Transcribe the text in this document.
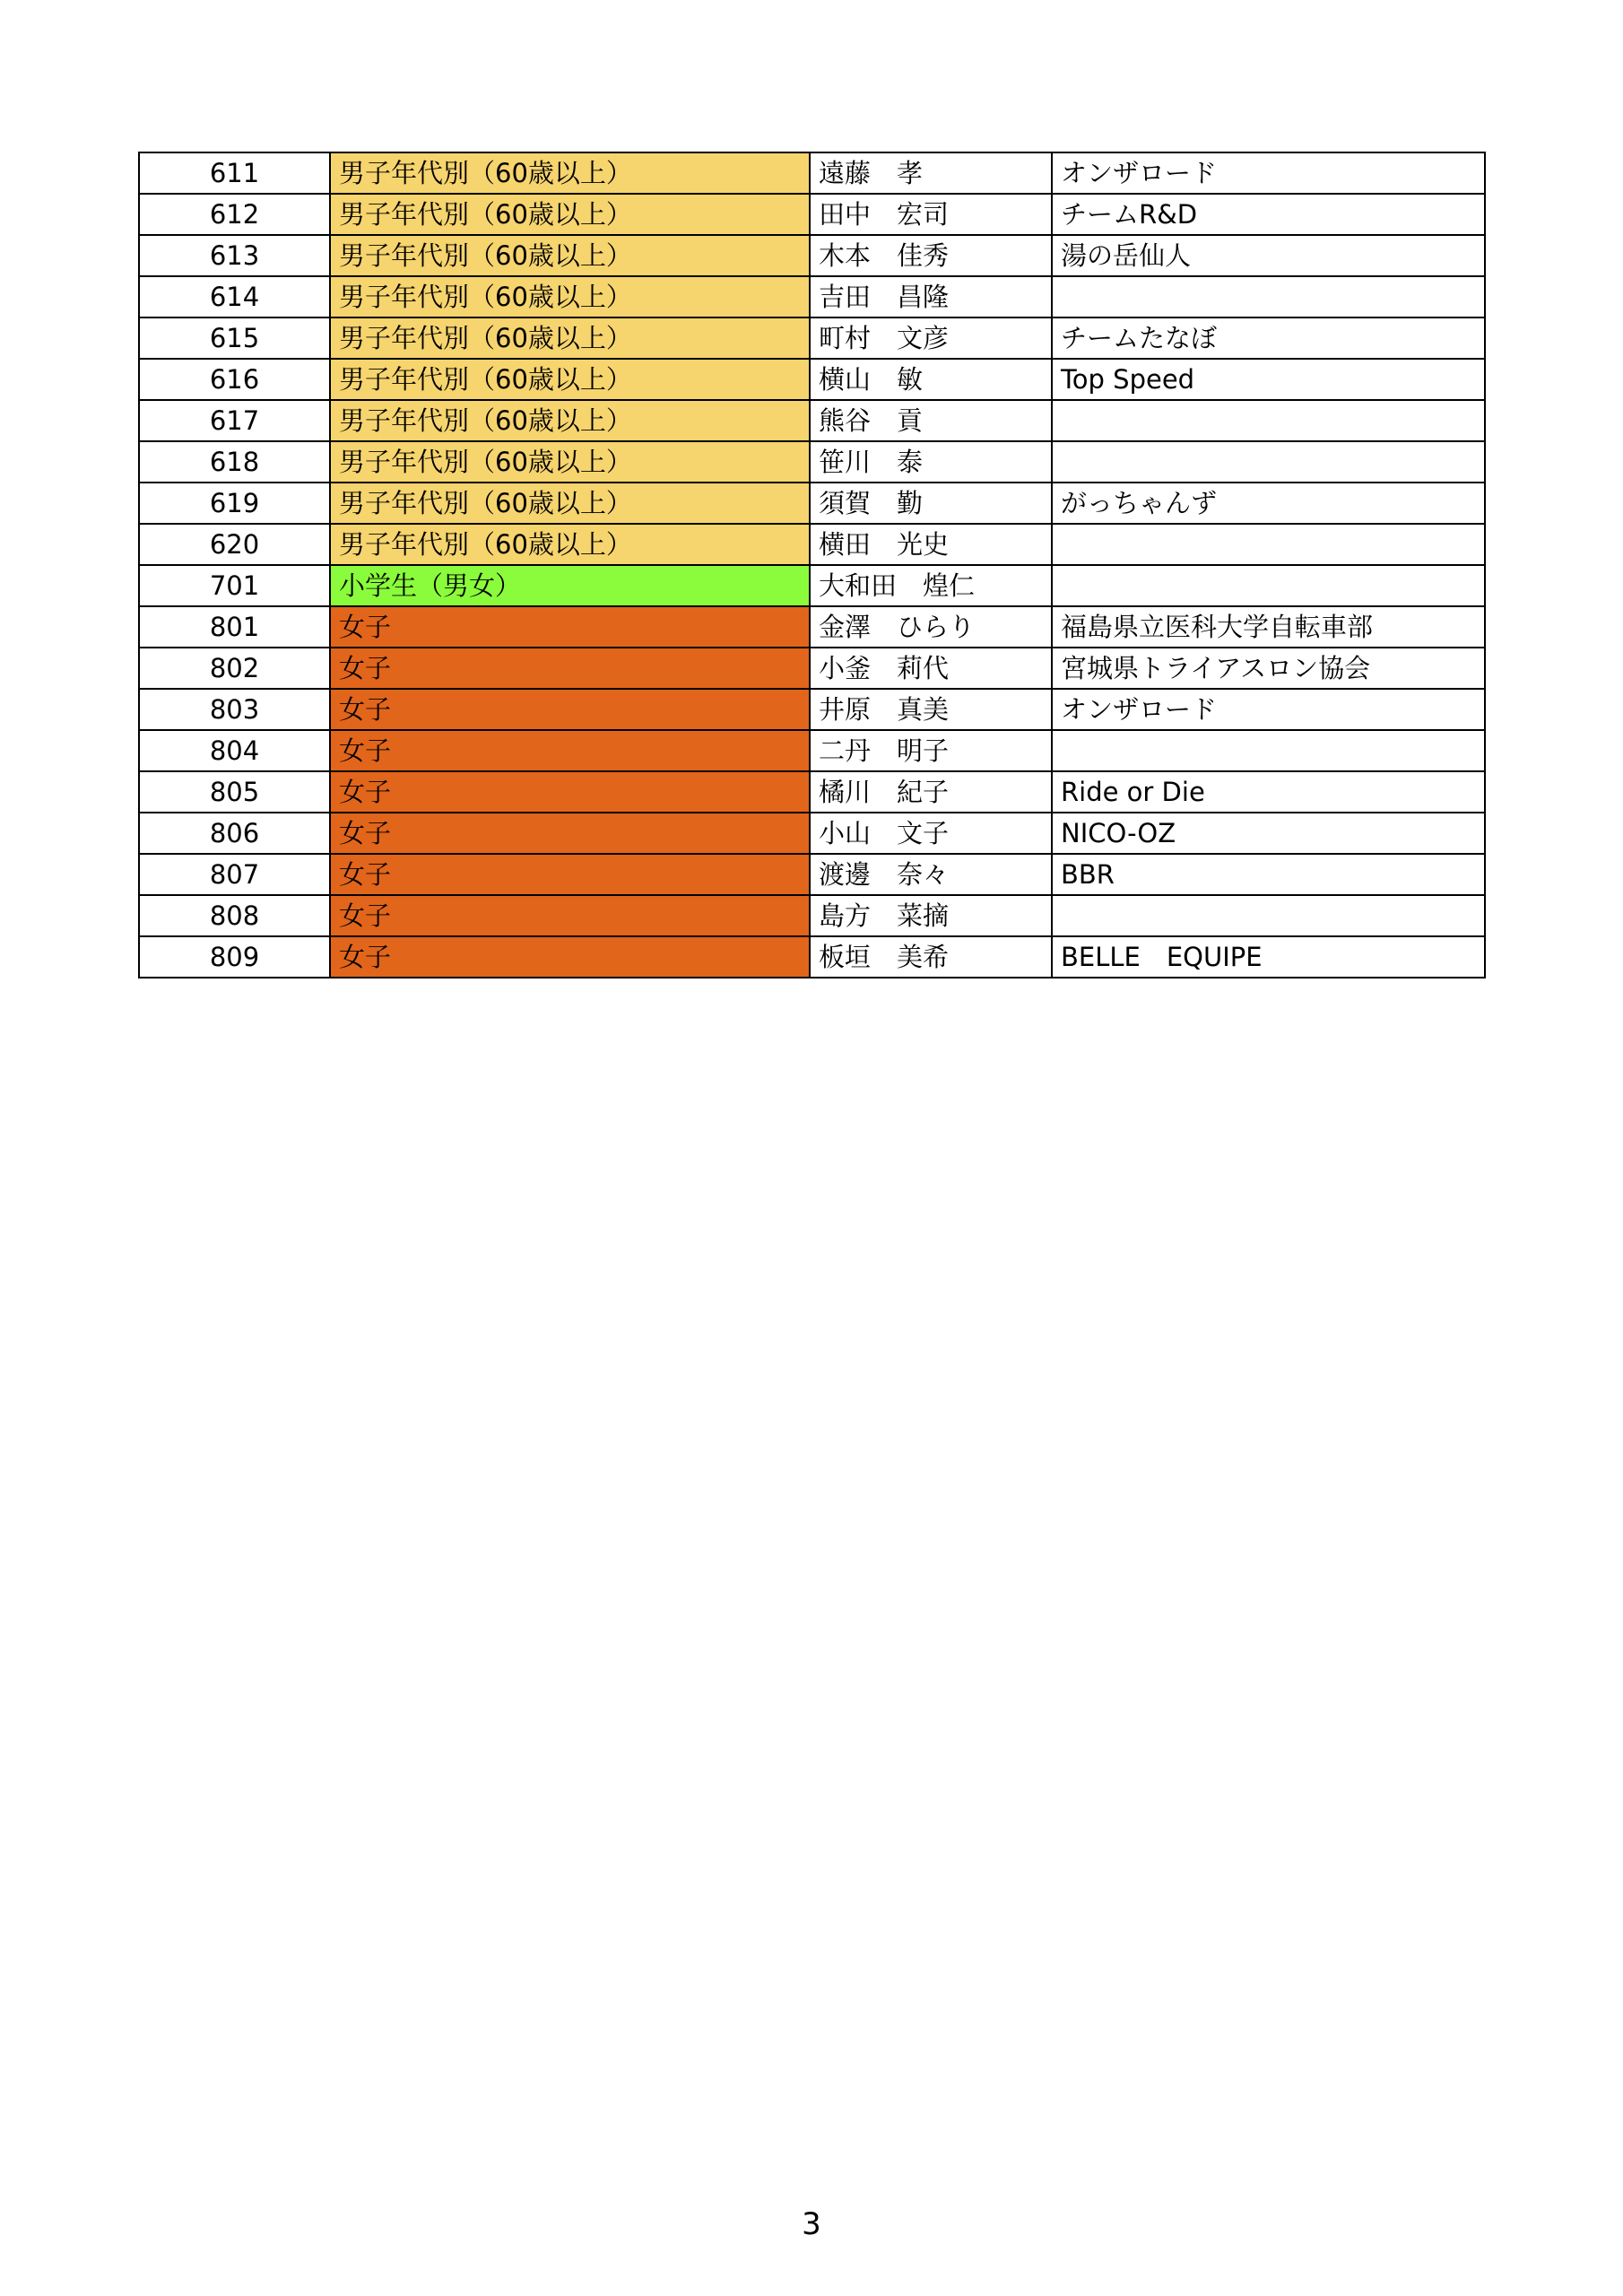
611	男子年代別（60歳以上）	遠藤　孝	オンザロード
612	男子年代別（60歳以上）	田中　宏司	チームR&D
613	男子年代別（60歳以上）	木本　佳秀	湯の岳仙人
614	男子年代別（60歳以上）	吉田　昌隆	
615	男子年代別（60歳以上）	町村　文彦	チームたなぼ
616	男子年代別（60歳以上）	横山　敏	Top Speed
617	男子年代別（60歳以上）	熊谷　貢	
618	男子年代別（60歳以上）	笹川　泰	
619	男子年代別（60歳以上）	須賀　勤	がっちゃんず
620	男子年代別（60歳以上）	横田　光史	
701	小学生（男女）	大和田　煌仁	
801	女子	金澤　ひらり	福島県立医科大学自転車部
802	女子	小釜　莉代	宮城県トライアスロン協会
803	女子	井原　真美	オンザロード
804	女子	二丹　明子	
805	女子	橘川　紀子	Ride or Die
806	女子	小山　文子	NICO-OZ
807	女子	渡邊　奈々	BBR
808	女子	島方　菜摘	
809	女子	板垣　美希	BELLE　EQUIPE
3
